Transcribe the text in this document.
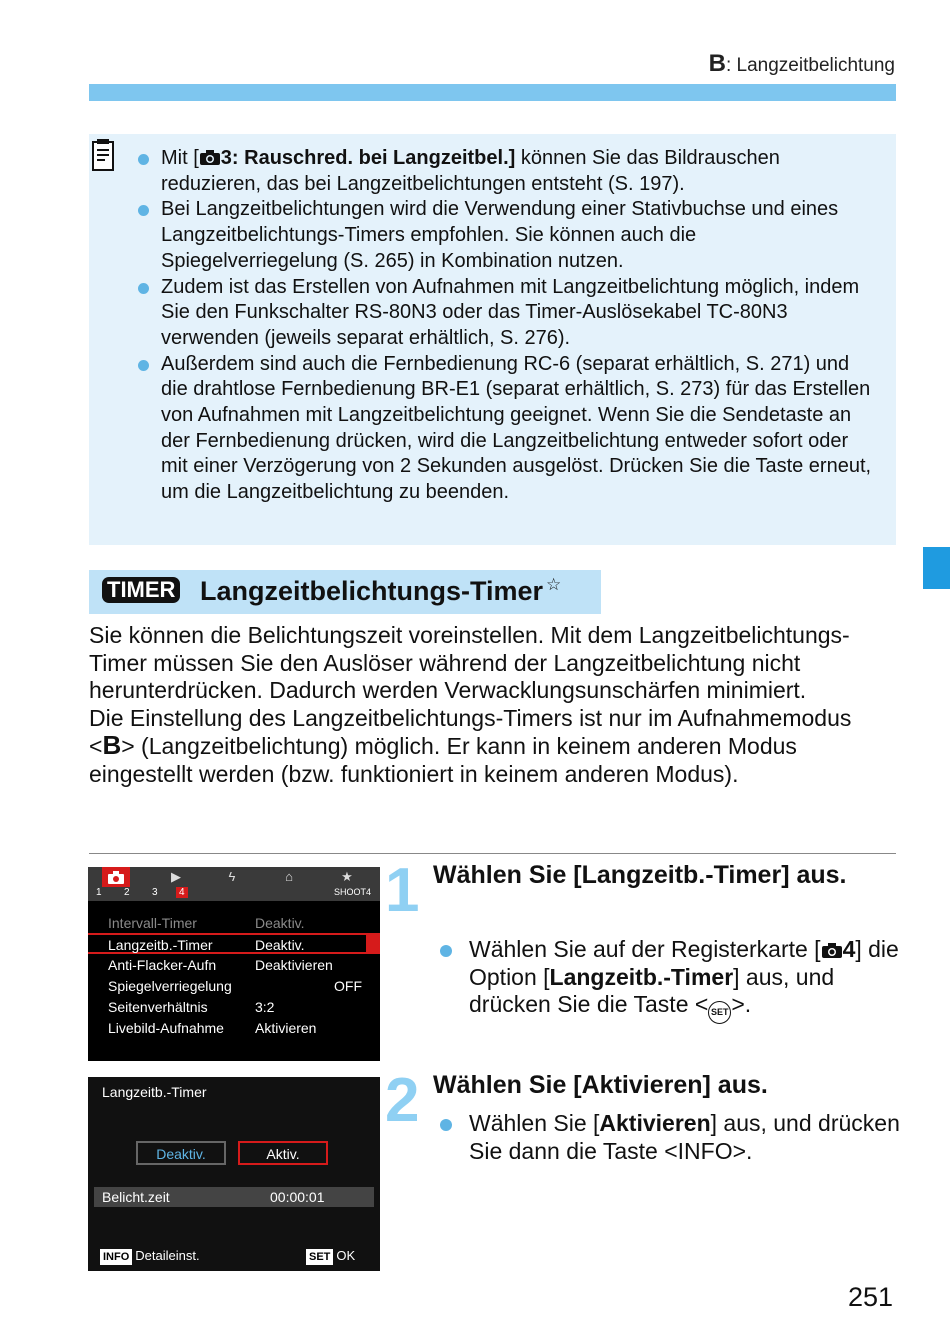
B: Langzeitbelichtung
Mit [ 3: Rauschred. bei Langzeitbel.] können Sie das Bildrauschen reduzieren, das bei Langzeitbelichtungen entsteht (S. 197).
Bei Langzeitbelichtungen wird die Verwendung einer Stativbuchse und eines Langzeitbelichtungs-Timers empfohlen. Sie können auch die Spiegelverriegelung (S. 265) in Kombination nutzen.
Zudem ist das Erstellen von Aufnahmen mit Langzeitbelichtung möglich, indem Sie den Funkschalter RS-80N3 oder das Timer-Auslösekabel TC-80N3 verwenden (jeweils separat erhältlich, S. 276).
Außerdem sind auch die Fernbedienung RC-6 (separat erhältlich, S. 271) und die drahtlose Fernbedienung BR-E1 (separat erhältlich, S. 273) für das Erstellen von Aufnahmen mit Langzeitbelichtung geeignet. Wenn Sie die Sendetaste an der Fernbedienung drücken, wird die Langzeitbelichtung entweder sofort oder mit einer Verzögerung von 2 Sekunden ausgelöst. Drücken Sie die Taste erneut, um die Langzeitbelichtung zu beenden.
TIMER Langzeitbelichtungs-Timer ☆

Sie können die Belichtungszeit voreinstellen. Mit dem Langzeitbelichtungs-Timer müssen Sie den Auslöser während der Langzeitbelichtung nicht herunterdrücken. Dadurch werden Verwacklungsunschärfen minimiert.

Die Einstellung des Langzeitbelichtungs-Timers ist nur im Aufnahmemodus <B> (Langzeitbelichtung) möglich. Er kann in keinem anderen Modus eingestellt werden (bzw. funktioniert in keinem anderen Modus).

▶	ϟ	⌂	★
1 2 3	4	SHOOT4
Intervall-Timer	Deaktiv.
Langzeitb.-Timer	Deaktiv.
Anti-Flacker-Aufn	Deaktivieren
Spiegelverriegelung	OFF
Seitenverhältnis	3:2
Livebild-Aufnahme Aktivieren
Langzeitb.-Timer
Deaktiv.	Aktiv.
Belicht.zeit	00:00:01
INFO Detaileinst.	SET OK
1 Wählen Sie [Langzeitb.-Timer] aus.
Wählen Sie auf der Registerkarte [ 4] die Option [Langzeitb.-Timer] aus, und drücken Sie die Taste < SET >.
2 Wählen Sie [Aktivieren] aus.
Wählen Sie [Aktivieren] aus, und drücken Sie dann die Taste <INFO>.
251
